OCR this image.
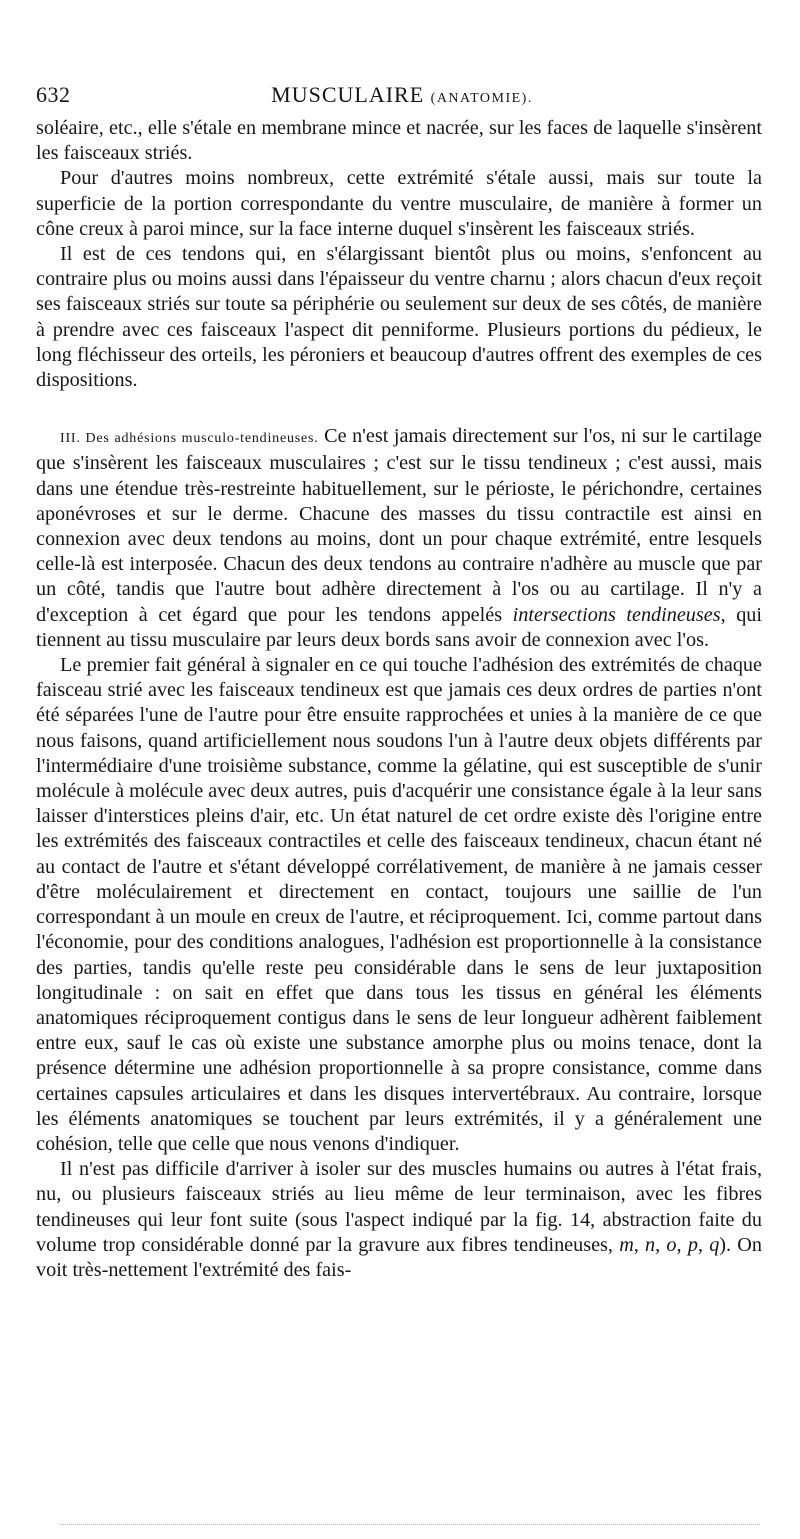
632	MUSCULAIRE (ANATOMIE).

soléaire, etc., elle s'étale en membrane mince et nacrée, sur les faces de laquelle s'insèrent les faisceaux striés.

Pour d'autres moins nombreux, cette extrémité s'étale aussi, mais sur toute la superficie de la portion correspondante du ventre musculaire, de manière à former un cône creux à paroi mince, sur la face interne duquel s'insèrent les faisceaux striés.

Il est de ces tendons qui, en s'élargissant bientôt plus ou moins, s'enfoncent au contraire plus ou moins aussi dans l'épaisseur du ventre charnu ; alors chacun d'eux reçoit ses faisceaux striés sur toute sa périphérie ou seulement sur deux de ses côtés, de manière à prendre avec ces faisceaux l'aspect dit penniforme. Plusieurs portions du pédieux, le long fléchisseur des orteils, les péroniers et beaucoup d'autres offrent des exemples de ces dispositions.

III. Des adhésions musculo-tendineuses. Ce n'est jamais directement sur l'os, ni sur le cartilage que s'insèrent les faisceaux musculaires ; c'est sur le tissu tendineux ; c'est aussi, mais dans une étendue très-restreinte habituellement, sur le périoste, le périchondre, certaines aponévroses et sur le derme. Chacune des masses du tissu contractile est ainsi en connexion avec deux tendons au moins, dont un pour chaque extrémité, entre lesquels celle-là est interposée. Chacun des deux tendons au contraire n'adhère au muscle que par un côté, tandis que l'autre bout adhère directement à l'os ou au cartilage. Il n'y a d'exception à cet égard que pour les tendons appelés intersections tendineuses, qui tiennent au tissu musculaire par leurs deux bords sans avoir de connexion avec l'os.

Le premier fait général à signaler en ce qui touche l'adhésion des extrémités de chaque faisceau strié avec les faisceaux tendineux est que jamais ces deux ordres de parties n'ont été séparées l'une de l'autre pour être ensuite rapprochées et unies à la manière de ce que nous faisons, quand artificiellement nous soudons l'un à l'autre deux objets différents par l'intermédiaire d'une troisième substance, comme la gélatine, qui est susceptible de s'unir molécule à molécule avec deux autres, puis d'acquérir une consistance égale à la leur sans laisser d'interstices pleins d'air, etc. Un état naturel de cet ordre existe dès l'origine entre les extrémités des faisceaux contractiles et celle des faisceaux tendineux, chacun étant né au contact de l'autre et s'étant développé corrélativement, de manière à ne jamais cesser d'être moléculairement et directement en contact, toujours une saillie de l'un correspondant à un moule en creux de l'autre, et réciproquement. Ici, comme partout dans l'économie, pour des conditions analogues, l'adhésion est proportionnelle à la consistance des parties, tandis qu'elle reste peu considérable dans le sens de leur juxtaposition longitudinale : on sait en effet que dans tous les tissus en général les éléments anatomiques réciproquement contigus dans le sens de leur longueur adhèrent faiblement entre eux, sauf le cas où existe une substance amorphe plus ou moins tenace, dont la présence détermine une adhésion proportionnelle à sa propre consistance, comme dans certaines capsules articulaires et dans les disques intervertébraux. Au contraire, lorsque les éléments anatomiques se touchent par leurs extrémités, il y a généralement une cohésion, telle que celle que nous venons d'indiquer.

Il n'est pas difficile d'arriver à isoler sur des muscles humains ou autres à l'état frais, nu, ou plusieurs faisceaux striés au lieu même de leur terminaison, avec les fibres tendineuses qui leur font suite (sous l'aspect indiqué par la fig. 14, abstraction faite du volume trop considérable donné par la gravure aux fibres tendineuses, m, n, o, p, q). On voit très-nettement l'extrémité des fais-
